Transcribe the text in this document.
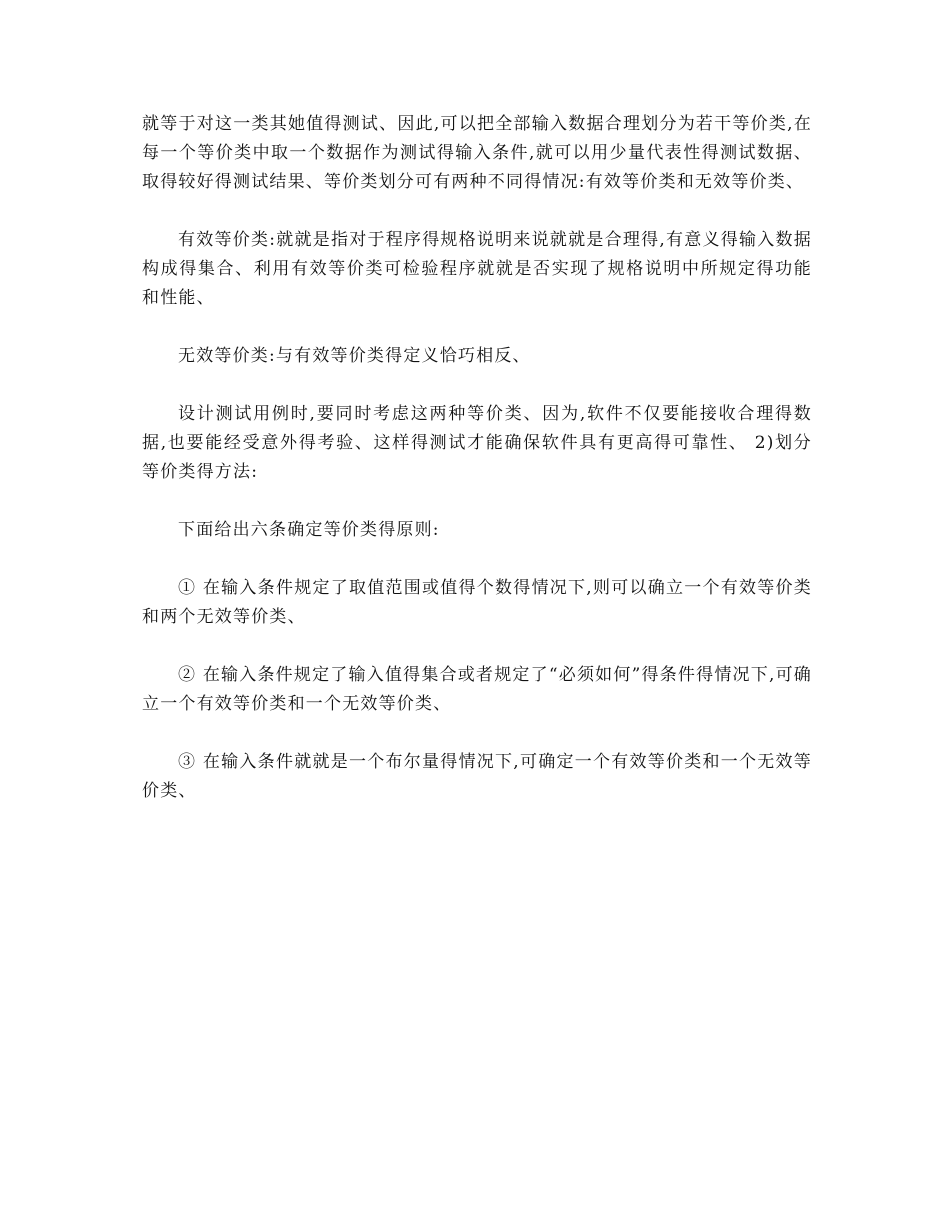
就等于对这一类其她值得测试、因此,可以把全部输入数据合理划分为若干等价类,在每一个等价类中取一个数据作为测试得输入条件,就可以用少量代表性得测试数据、取得较好得测试结果、等价类划分可有两种不同得情况:有效等价类和无效等价类、

有效等价类:就就是指对于程序得规格说明来说就就是合理得,有意义得输入数据构成得集合、利用有效等价类可检验程序就就是否实现了规格说明中所规定得功能和性能、

无效等价类:与有效等价类得定义恰巧相反、

设计测试用例时,要同时考虑这两种等价类、因为,软件不仅要能接收合理得数据,也要能经受意外得考验、这样得测试才能确保软件具有更高得可靠性、 2)划分等价类得方法:

下面给出六条确定等价类得原则:

① 在输入条件规定了取值范围或值得个数得情况下,则可以确立一个有效等价类和两个无效等价类、

② 在输入条件规定了输入值得集合或者规定了“必须如何”得条件得情况下,可确立一个有效等价类和一个无效等价类、

③ 在输入条件就就是一个布尔量得情况下,可确定一个有效等价类和一个无效等价类、
